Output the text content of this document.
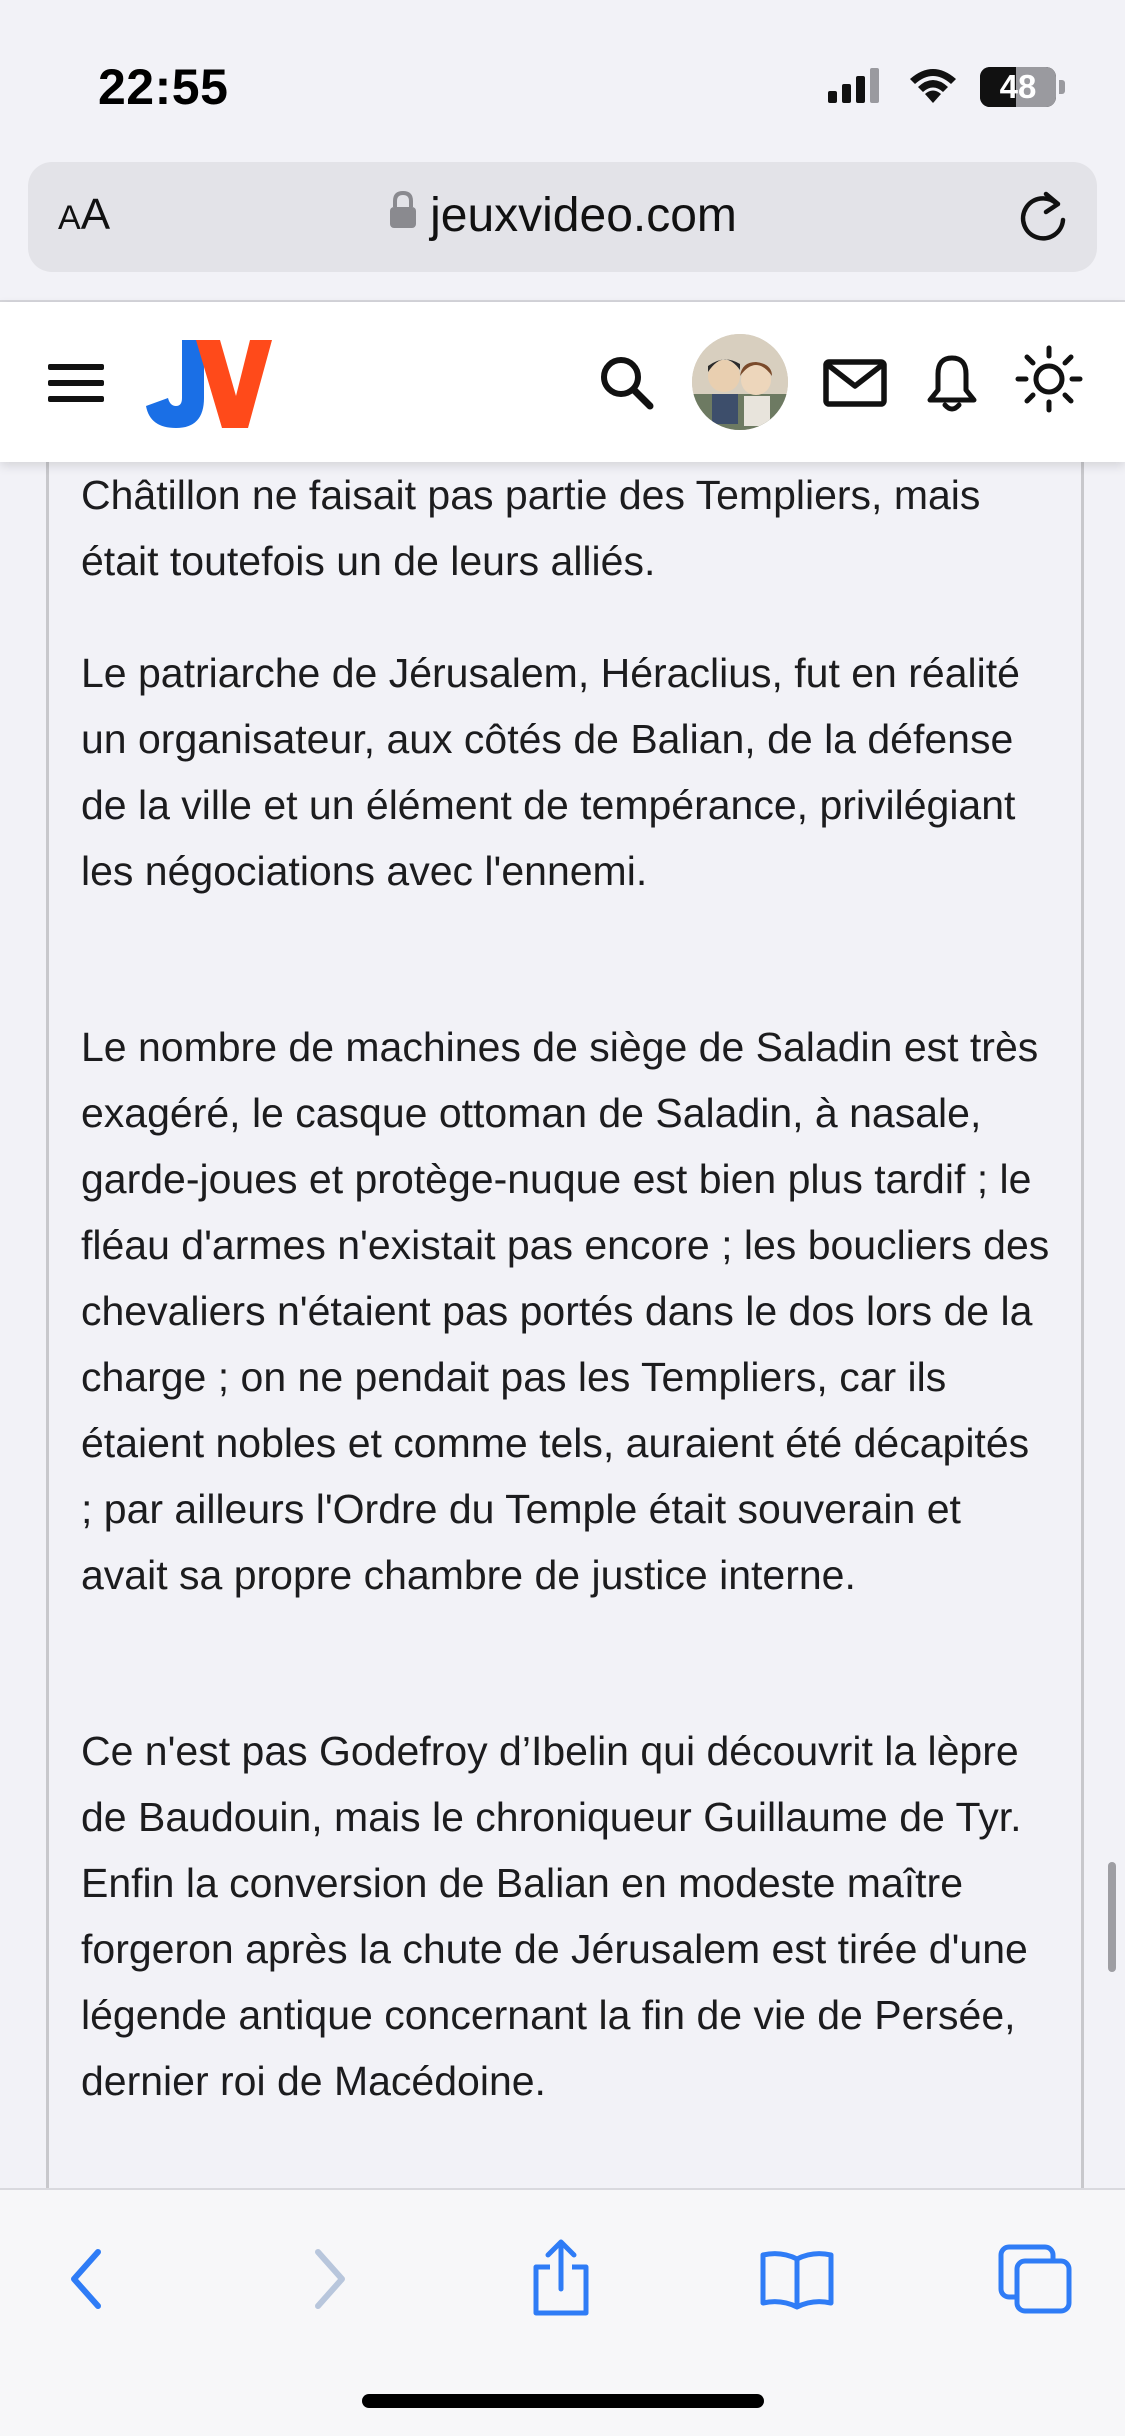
22:55	48
AA	jeuxvideo.com

Châtillon ne faisait pas partie des Templiers, mais était toutefois un de leurs alliés.

Le patriarche de Jérusalem, Héraclius, fut en réalité un organisateur, aux côtés de Balian, de la défense de la ville et un élément de tempérance, privilégiant les négociations avec l'ennemi.

Le nombre de machines de siège de Saladin est très exagéré, le casque ottoman de Saladin, à nasale, garde-joues et protège-nuque est bien plus tardif ; le fléau d'armes n'existait pas encore ; les boucliers des chevaliers n'étaient pas portés dans le dos lors de la charge ; on ne pendait pas les Templiers, car ils étaient nobles et comme tels, auraient été décapités ; par ailleurs l'Ordre du Temple était souverain et avait sa propre chambre de justice interne.

Ce n'est pas Godefroy d’Ibelin qui découvrit la lèpre de Baudouin, mais le chroniqueur Guillaume de Tyr. Enfin la conversion de Balian en modeste maître forgeron après la chute de Jérusalem est tirée d'une légende antique concernant la fin de vie de Persée, dernier roi de Macédoine.
